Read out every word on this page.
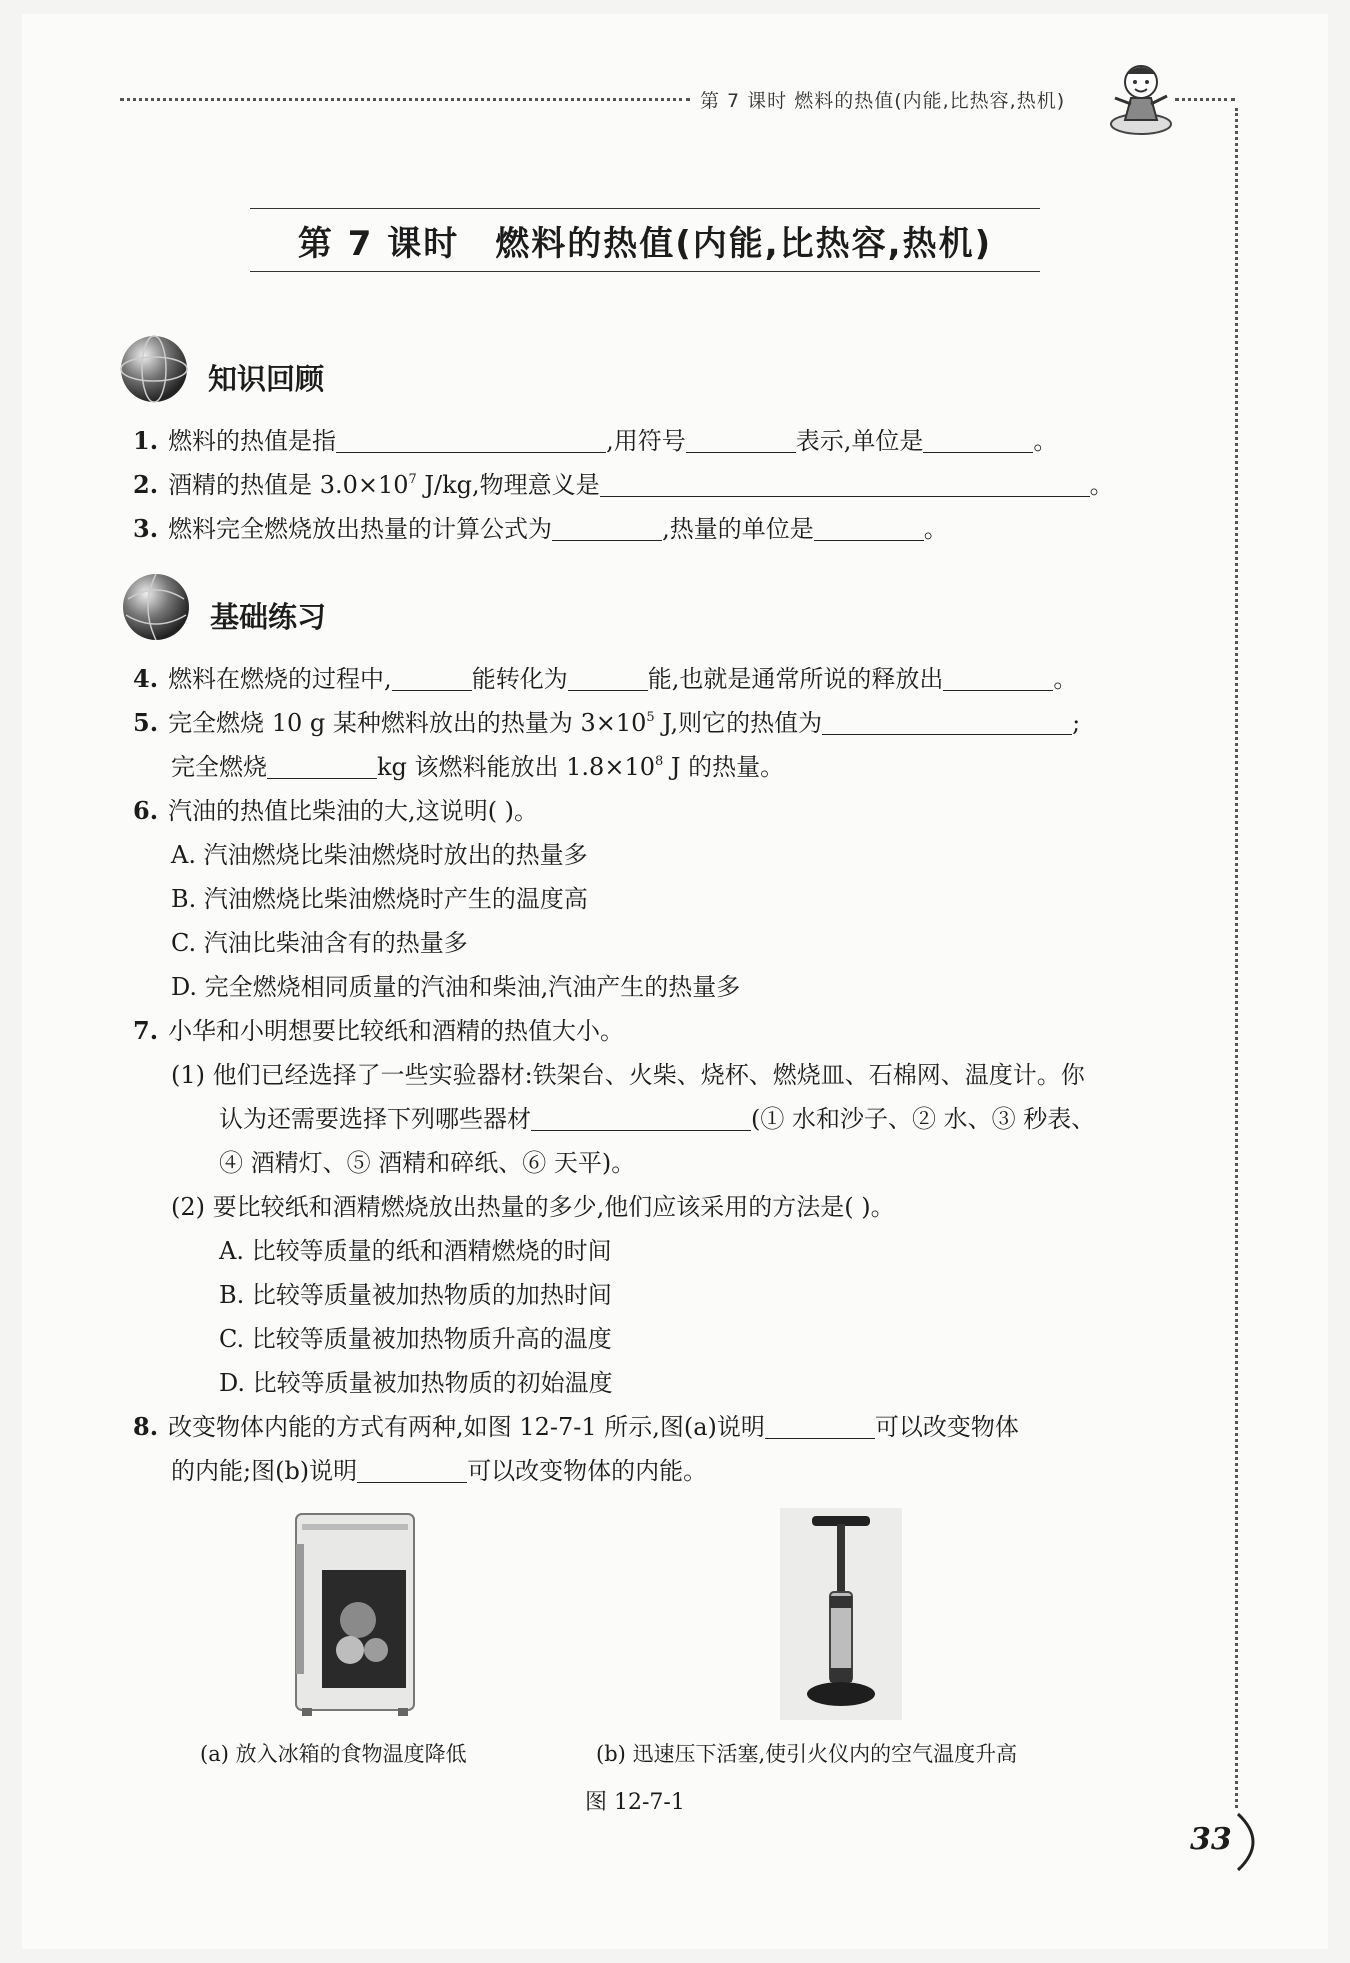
第 7 课时 燃料的热值(内能,比热容,热机)
第 7 课时 燃料的热值(内能,比热容,热机)
知识回顾
1. 燃料的热值是指	,用符号	表示,单位是	。
2. 酒精的热值是 $3.0\times 10^7$ J/kg,物理意义是	。
3. 燃料完全燃烧放出热量的计算公式为	,热量的单位是	。
基础练习
4. 燃料在燃烧的过程中,	能转化为	能,也就是通常所说的释放出	。
5. 完全燃烧 10 g 某种燃料放出的热量为 $3\times 10^5$ J,则它的热值为	;
完全燃烧	kg 该燃料能放出 $1.8\times 10^8$ J 的热量。
6. 汽油的热值比柴油的大,这说明( )。
A. 汽油燃烧比柴油燃烧时放出的热量多
B. 汽油燃烧比柴油燃烧时产生的温度高
C. 汽油比柴油含有的热量多
D. 完全燃烧相同质量的汽油和柴油,汽油产生的热量多
7. 小华和小明想要比较纸和酒精的热值大小。
(1) 他们已经选择了一些实验器材:铁架台、火柴、烧杯、燃烧皿、石棉网、温度计。你
认为还需要选择下列哪些器材	(① 水和沙子、② 水、③ 秒表、
④ 酒精灯、⑤ 酒精和碎纸、⑥ 天平)。
(2) 要比较纸和酒精燃烧放出热量的多少,他们应该采用的方法是( )。
A. 比较等质量的纸和酒精燃烧的时间
B. 比较等质量被加热物质的加热时间
C. 比较等质量被加热物质升高的温度
D. 比较等质量被加热物质的初始温度
8. 改变物体内能的方式有两种,如图 12-7-1 所示,图(a)说明	可以改变物体
的内能;图(b)说明	可以改变物体的内能。
(a) 放入冰箱的食物温度降低	(b) 迅速压下活塞,使引火仪内的空气温度升高
图 12-7-1
33
